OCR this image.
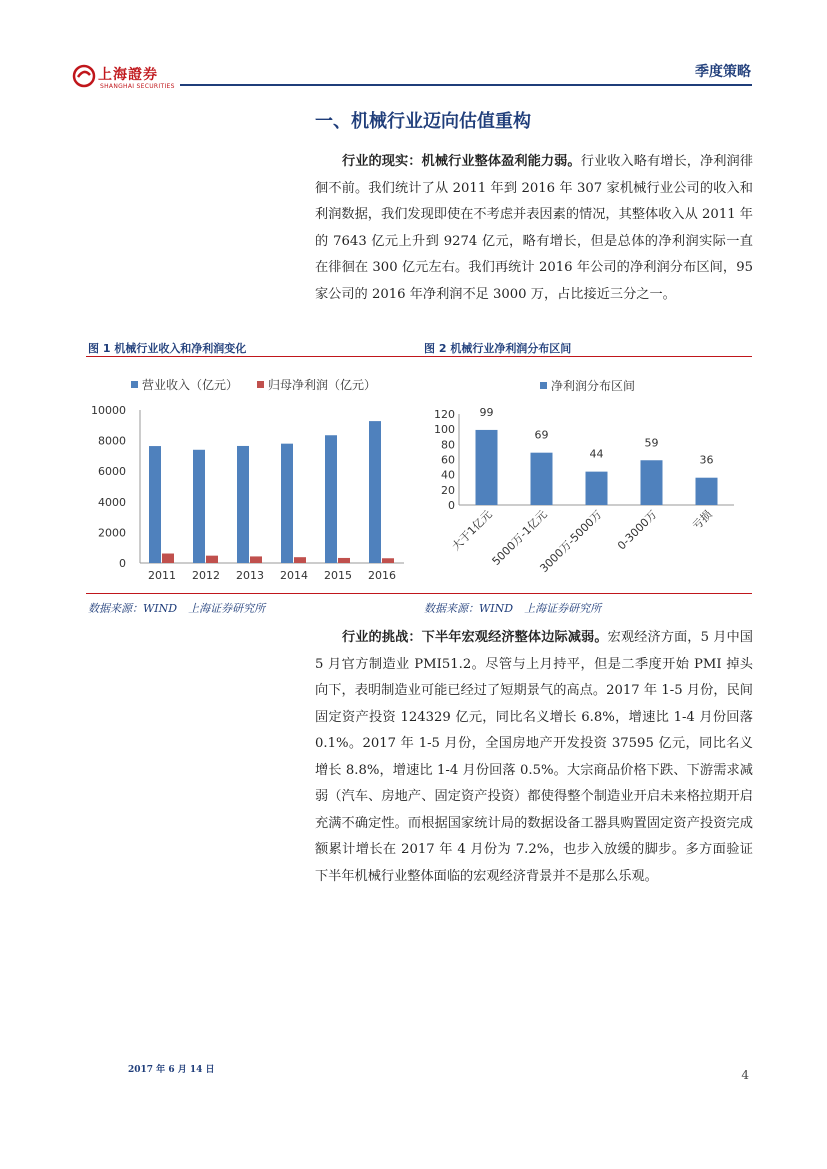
上海證券
SHANGHAI SECURITIES
季度策略
一、机械行业迈向估值重构
行业的现实：机械行业整体盈利能力弱。行业收入略有增长，净利润徘徊不前。我们统计了从 2011 年到 2016 年 307 家机械行业公司的收入和利润数据，我们发现即使在不考虑并表因素的情况，其整体收入从 2011 年的 7643 亿元上升到 9274 亿元，略有增长，但是总体的净利润实际一直在徘徊在 300 亿元左右。我们再统计 2016 年公司的净利润分布区间，95 家公司的 2016 年净利润不足 3000 万，占比接近三分之一。
图 1 机械行业收入和净利润变化	图 2 机械行业净利润分布区间
营业收入（亿元） 归母净利润（亿元）
0
2000
4000
6000
8000
10000
2011 2012 2013 2014 2015 2016
净利润分布区间
0
20
40
60
80
100
120 99
69
44
59
36
大于1亿元
5000万-1亿元
3000万-5000万 0-3000万	亏损
数据来源：WIND　上海证券研究所	数据来源：WIND　上海证券研究所
行业的挑战：下半年宏观经济整体边际减弱。宏观经济方面，5 月中国 5 月官方制造业 PMI51.2。尽管与上月持平，但是二季度开始 PMI 掉头向下，表明制造业可能已经过了短期景气的高点。2017 年 1-5 月份，民间固定资产投资 124329 亿元，同比名义增长 6.8%，增速比 1-4 月份回落 0.1%。2017 年 1-5 月份，全国房地产开发投资 37595 亿元，同比名义增长 8.8%，增速比 1-4 月份回落 0.5%。大宗商品价格下跌、下游需求减弱（汽车、房地产、固定资产投资）都使得整个制造业开启未来格拉期开启充满不确定性。而根据国家统计局的数据设备工器具购置固定资产投资完成额累计增长在 2017 年 4 月份为 7.2%，也步入放缓的脚步。多方面验证下半年机械行业整体面临的宏观经济背景并不是那么乐观。
2017 年 6 月 14 日	4
